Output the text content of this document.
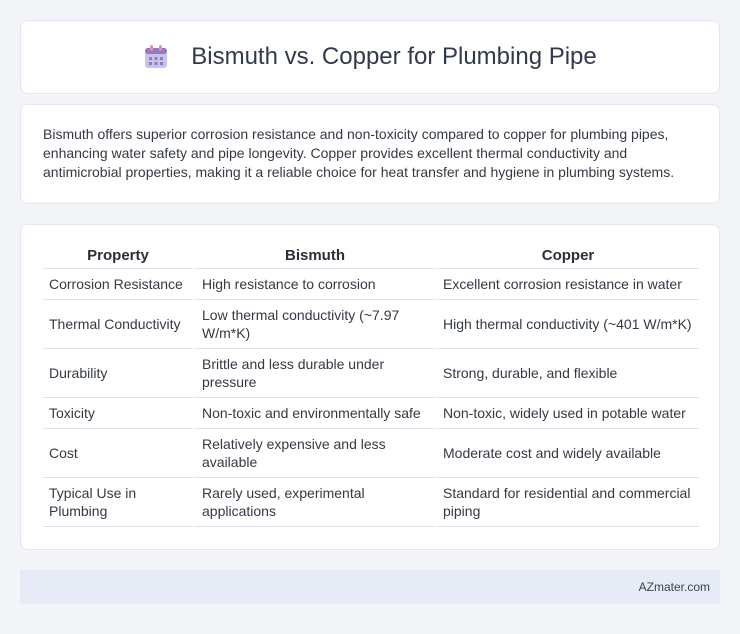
Bismuth vs. Copper for Plumbing Pipe

Bismuth offers superior corrosion resistance and non-toxicity compared to copper for plumbing pipes, enhancing water safety and pipe longevity. Copper provides excellent thermal conductivity and antimicrobial properties, making it a reliable choice for heat transfer and hygiene in plumbing systems.

Property	Bismuth	Copper
Corrosion Resistance	High resistance to corrosion	Excellent corrosion resistance in water
Thermal Conductivity	Low thermal conductivity (~7.97 W/m*K)	High thermal conductivity (~401 W/m*K)
Durability	Brittle and less durable under pressure	Strong, durable, and flexible
Toxicity	Non-toxic and environmentally safe	Non-toxic, widely used in potable water
Cost	Relatively expensive and less available	Moderate cost and widely available
Typical Use in Plumbing	Rarely used, experimental applications	Standard for residential and commercial piping
AZmater.com
